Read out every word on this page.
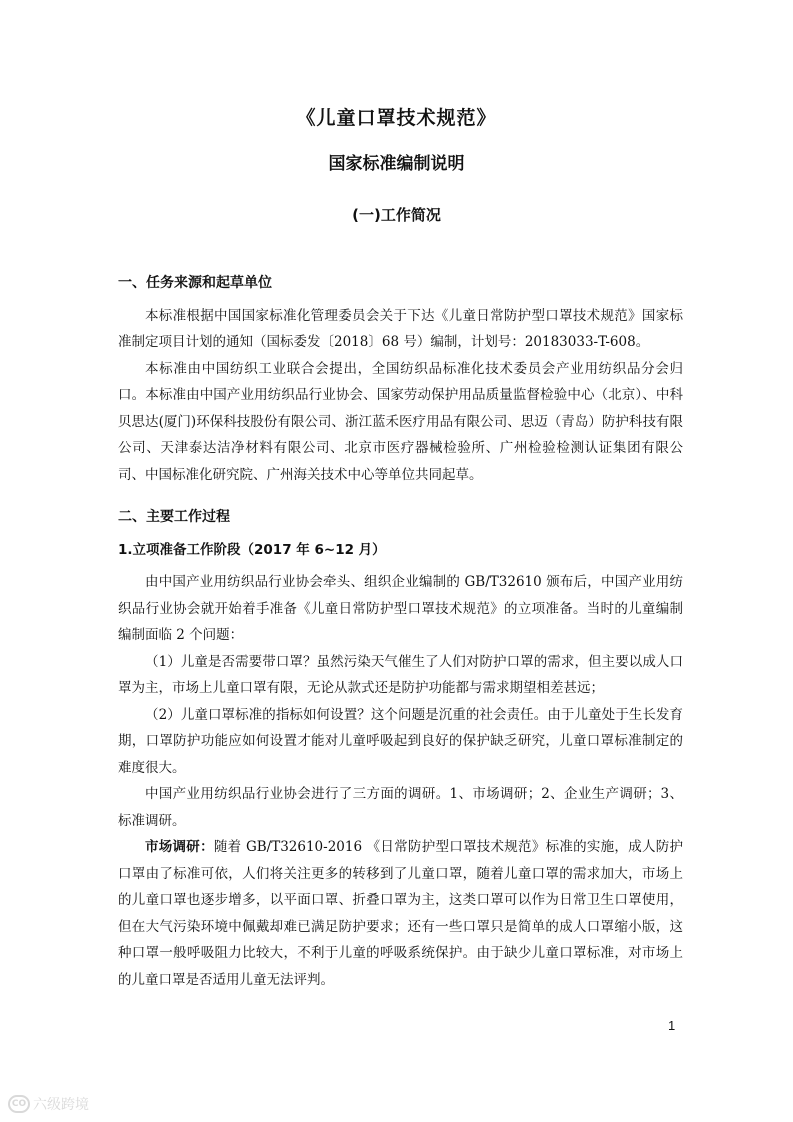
《儿童口罩技术规范》
国家标准编制说明
(一)工作简况
一、任务来源和起草单位

本标准根据中国国家标准化管理委员会关于下达《儿童日常防护型口罩技术规范》国家标准制定项目计划的通知（国标委发〔2018〕68 号）编制，计划号：20183033-T-608。

本标准由中国纺织工业联合会提出，全国纺织品标准化技术委员会产业用纺织品分会归口。本标准由中国产业用纺织品行业协会、国家劳动保护用品质量监督检验中心（北京）、中科贝思达(厦门)环保科技股份有限公司、浙江蓝禾医疗用品有限公司、思迈（青岛）防护科技有限公司、天津泰达洁净材料有限公司、北京市医疗器械检验所、广州检验检测认证集团有限公司、中国标准化研究院、广州海关技术中心等单位共同起草。

二、主要工作过程
1.立项准备工作阶段（2017 年 6~12 月）

由中国产业用纺织品行业协会牵头、组织企业编制的 GB/T32610 颁布后，中国产业用纺织品行业协会就开始着手准备《儿童日常防护型口罩技术规范》的立项准备。当时的儿童编制编制面临 2 个问题：

（1）儿童是否需要带口罩？虽然污染天气催生了人们对防护口罩的需求，但主要以成人口罩为主，市场上儿童口罩有限，无论从款式还是防护功能都与需求期望相差甚远；

（2）儿童口罩标准的指标如何设置？这个问题是沉重的社会责任。由于儿童处于生长发育期，口罩防护功能应如何设置才能对儿童呼吸起到良好的保护缺乏研究，儿童口罩标准制定的难度很大。

中国产业用纺织品行业协会进行了三方面的调研。1、市场调研；2、企业生产调研；3、标准调研。

市场调研：随着 GB/T32610-2016 《日常防护型口罩技术规范》标准的实施，成人防护口罩由了标准可依，人们将关注更多的转移到了儿童口罩，随着儿童口罩的需求加大，市场上的儿童口罩也逐步增多，以平面口罩、折叠口罩为主，这类口罩可以作为日常卫生口罩使用，但在大气污染环境中佩戴却难已满足防护要求；还有一些口罩只是简单的成人口罩缩小版，这种口罩一般呼吸阻力比较大，不利于儿童的呼吸系统保护。由于缺少儿童口罩标准，对市场上的儿童口罩是否适用儿童无法评判。

1
CO 六级跨境
